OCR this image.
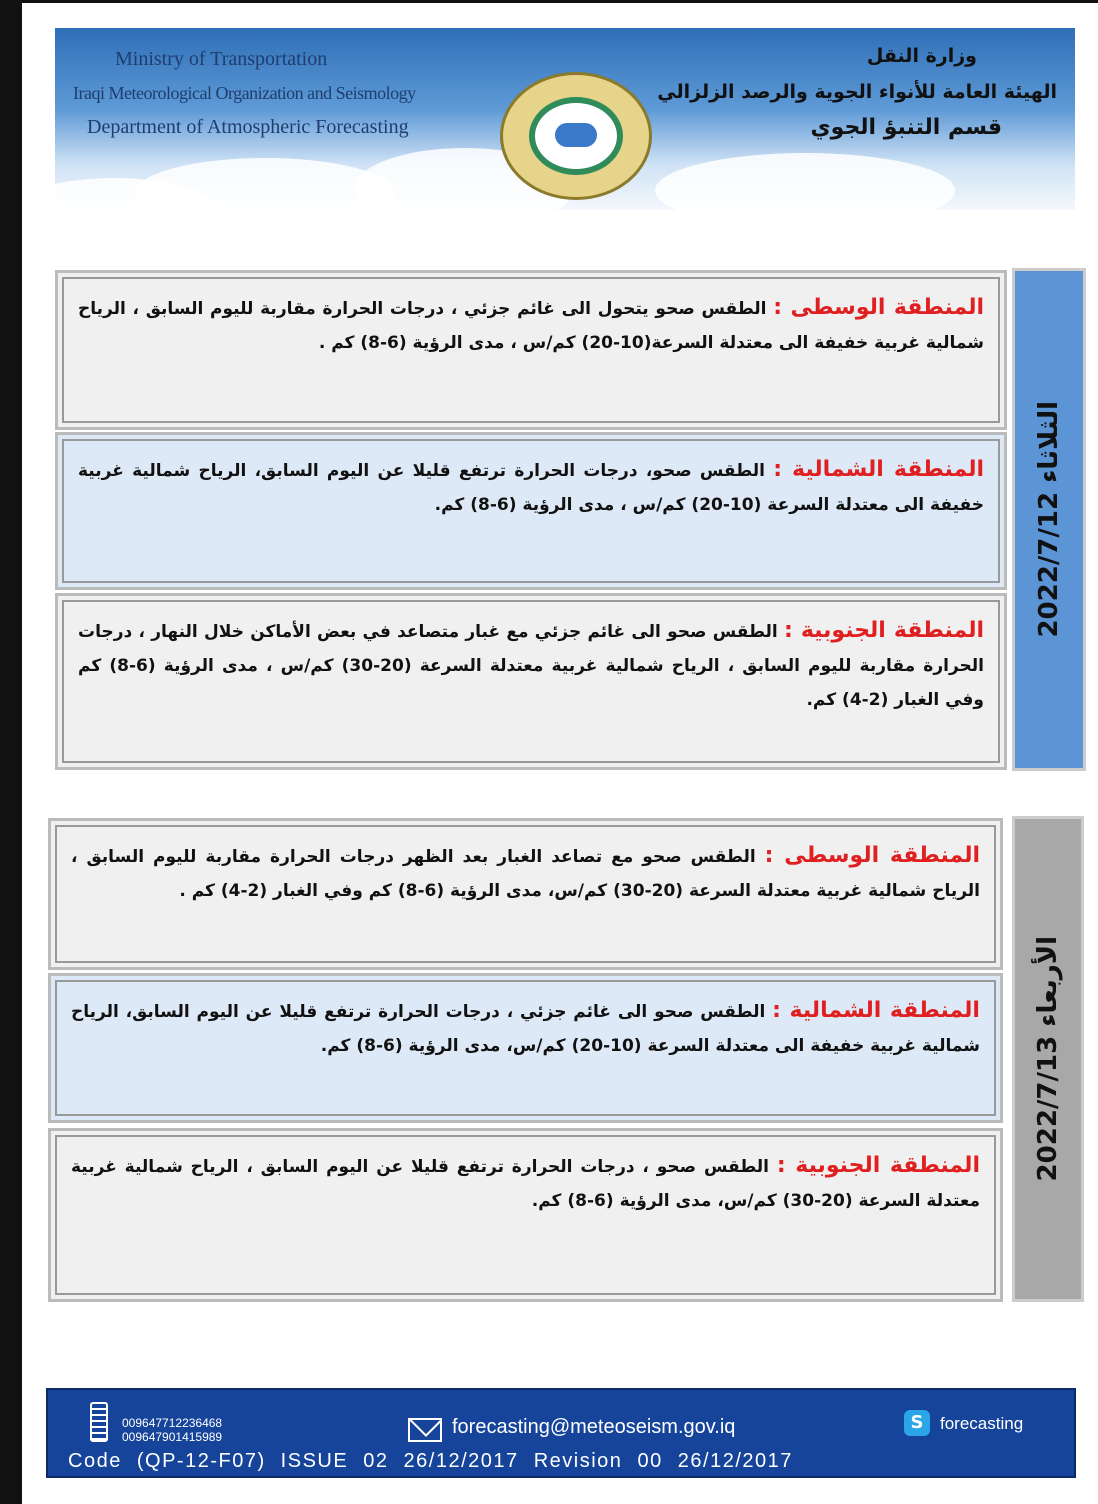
Ministry of Transportation
Iraqi Meteorological Organization and Seismology
Department of Atmospheric Forecasting
وزارة النقل
الهيئة العامة للأنواء الجوية والرصد الزلزالي
قسم التنبؤ الجوي
المنطقة الوسطى : الطقس صحو يتحول الى غائم جزئي ، درجات الحرارة مقاربة لليوم السابق ، الرياح شمالية غربية خفيفة الى معتدلة السرعة(10-20) كم/س ، مدى الرؤية (6-8) كم .
المنطقة الشمالية : الطقس صحو، درجات الحرارة ترتفع قليلا عن اليوم السابق، الرياح شمالية غربية خفيفة الى معتدلة السرعة (10-20) كم/س ، مدى الرؤية (6-8) كم.
المنطقة الجنوبية : الطقس صحو الى غائم جزئي مع غبار متصاعد في بعض الأماكن خلال النهار ، درجات الحرارة مقاربة لليوم السابق ، الرياح شمالية غربية معتدلة السرعة (20-30) كم/س ، مدى الرؤية (6-8) كم وفي الغبار (2-4) كم.
الثلاثاء 2022/7/12
المنطقة الوسطى : الطقس صحو مع تصاعد الغبار بعد الظهر درجات الحرارة مقاربة لليوم السابق ، الرياح شمالية غربية معتدلة السرعة (20-30) كم/س، مدى الرؤية (6-8) كم وفي الغبار (2-4) كم .
المنطقة الشمالية : الطقس صحو الى غائم جزئي ، درجات الحرارة ترتفع قليلا عن اليوم السابق، الرياح شمالية غربية خفيفة الى معتدلة السرعة (10-20) كم/س، مدى الرؤية (6-8) كم.
المنطقة الجنوبية : الطقس صحو ، درجات الحرارة ترتفع قليلا عن اليوم السابق ، الرياح شمالية غربية معتدلة السرعة (20-30) كم/س، مدى الرؤية (6-8) كم.
الأربعاء 2022/7/13
009647712236468
009647901415989	forecasting@meteoseism.gov.iq	S forecasting
Code (QP-12-F07) ISSUE 02 26/12/2017 Revision 00 26/12/2017
